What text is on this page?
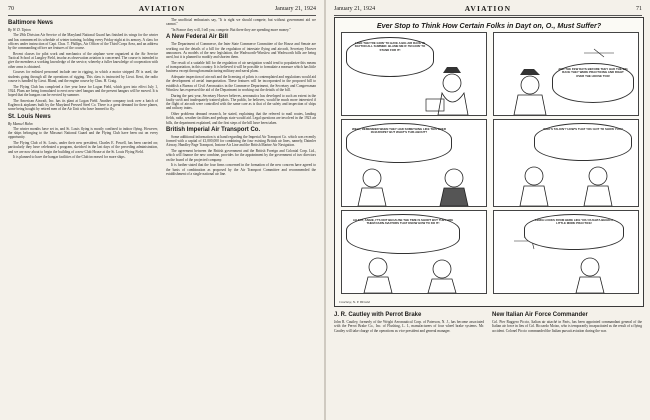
70	AVIATION	January 21, 1924
Baltimore News
By W. D. Tipton

The 29th Division Air Service of the Maryland National Guard has finished its wings for the winter and has commenced its schedule of winter training, holding every Friday night at its armory. A class for officers under instruction of Capt. Chas. T. Phillips, Air Officer of the Third Corps Area, and an address by the commanding officer are features of the course.

Recent classes for pilot work and mechanics of the airplane were organized at the Air Service Tactical School at Langley Field, insofar as observation aviation is concerned. The course is intended to give the members a working knowledge of the service, whereby a fuller knowledge of cooperation with other arms is obtained.

Courses for enlisted personnel include one in rigging, in which a motor stripped JN is used, the students going through all the operations of rigging. This class is instructed by Lieut. Kent, the radio course is handled by Lieut. Bland, and the engine course by Chas. H. Craig.

The Flying Club has completed a five year lease for Logan Field, which goes into effect July 1, 1924. Plans are being formulated to erect new steel hangars and the present hangars will be moved. It is hoped that the hangars can be erected by summer.

The American Aircraft, Inc. has its plant at Logan Field. Another company took over a batch of Eaglerock airplanes built by the Maryland Pressed Steel Co. There is a great demand for these planes, some being bought by retired men of the Air Unit who have learned to fly.

St. Louis News
By Manuel Hahn

The winter months have set in, and St. Louis flying is mostly confined to indoor flying. However, the ships belonging to the Missouri National Guard and the Flying Club have been out on every opportunity.

The Flying Club of St. Louis, under their new president, Charles E. Powell, has been carried on; particularly they have celebrated a program, sketched in the last days of the preceding administration, and we are now about to begin the building of a new Club House at the St. Louis Flying Field.

It is planned to have the hangar facilities of the Club increased for more ships.

The unofficial enthusiasts say, "It is right we should compete, but without government aid we cannot."

"In France they will, I tell you, compete. But there they are spending more money."

A New Federal Air Bill

The Department of Commerce, the Inter State Commerce Committee of the House and Senate are working out the details of a bill for the regulation of interstate flying and aircraft, Secretary Hoover announces. As models of the new legislation, the Wadsworth-Winslow and Wadsworth bills are being used, but it is planned to modify and shorten them.

The result of a suitable bill for the regulation of air navigation would tend to popularize this means of transportation, in this country. It is believed it will be possible to formulate a measure which has little business except through manufacturing military and naval plans.

Adequate inspection of aircraft and the licensing of pilots is contemplated and regulations would aid the development of aerial transportation. These features will be incorporated in the proposed bill to establish a Bureau of Civil Aeronautics in the Commerce Department, the Secretary and Congressman Winslow has expressed the aid of the Department in working out the details of the bill.

During the past year, Secretary Hoover believes, aeronautics has developed to such an extent in the faulty swift and inadequately trained pilots. The public, he believes, would be much more interested if the flight of aircraft were controlled with the same care as is that of the safety and inspection of ships and railway trains.

Other problems demand research, he stated, explaining that the referred to mail routes, landing fields, radio, weather facilities and perhaps state would aid. Legal questions are involved in the 1923 air bills, the department explained, and the first steps of the bill have been taken.

British Imperial Air Transport Co.

Some additional information is at hand regarding the Imperial Air Transport Co. which was recently formed with a capital of £1,000,000 for combining the four existing British air lines, namely, Daimler Airway, Handley Page Transport, Instone Air Line and the British Marine Air Navigation.

The agreement between the British government and the British Foreign and Colonial Corp. Ltd., which will finance the new combine, provides for the appointment by the government of two directors on the board of the projected company.

It is further stated that the four firms concerned in the formation of the new concern have agreed to the basis of combination as proposed by the Air Transport Committee and recommended the establishment of a single national air line.

January 21, 1924	AVIATION	71
Ever Stop to Think How Certain Folks in Dayt on, O., Must Suffer?
I SEE THEY'RE GOIN' TO HAVE A BIG AIR RACE IN DAYTON ALL SUMMER. BLAME ME IF I'M GOIN' TO STAND FOR IT!
AND THE FEW DAYS BEFORE THEY HAD THE BIG RACE THEY WERE PRACTICING AND RIGHT OVER THE HOUSE TOO!
WELL, REMEMBER WHEN THEY HAD SOMETHING LIKE THIS OVER IN EUROPE? BUT WHAT'S THIS ABOUT?
WHO'S TALKIN'? HOW'S THAT YOU GOT TO SHOW YOU?
AH SAY, ANGIE, IT'S NOT BECAUSE THE TIME IS SHORT BUT THEY ARE THEM DARN AVIATORS THAT KNOW HOW TO DO IT!
KINDA LOOKS FROM HERE LIKE YOU OUGHTA BEGIN A LITTLE MORE PRACTICE!
Courtesy, N. Y. Herald
J. R. Cautley with Perrot Brake

John R. Cautley, formerly of the Wright Aeronautical Corp. of Paterson, N. J., has become associated with the Perrot Brake Co., Inc. of Flushing, L. I., manufacturers of four wheel brake systems. Mr. Cautley will take charge of the operations as vice president and general manager.

New Italian Air Force Commander

Col. Pier Ruggero Piccio, Italian air attaché in Paris, has been appointed commandant general of the Italian air force in lieu of Col. Riccardo Moizo, who is temporarily incapacitated as the result of a flying accident. Colonel Piccio commanded the Italian pursuit aviation during the war.
